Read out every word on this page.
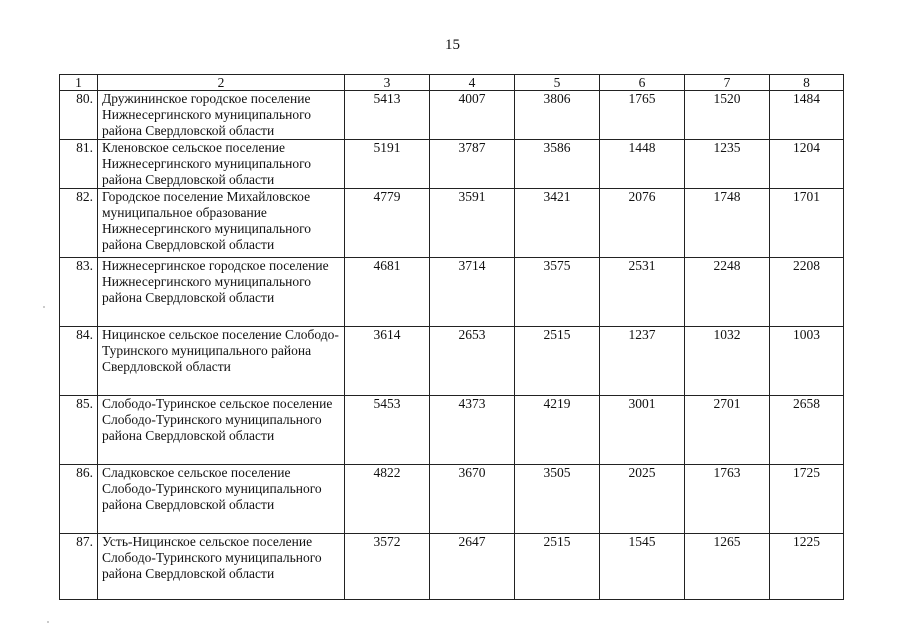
15
1	2	3	4	5	6	7	8
80.	Дружининское городское поселение Нижнесергинского муниципального района Свердловской области	5413	4007	3806	1765	1520	1484
81.	Кленовское сельское поселение Нижнесергинского муниципального района Свердловской области	5191	3787	3586	1448	1235	1204
82.	Городское поселение Михайловское муниципальное образование Нижнесергинского муниципального района Свердловской области	4779	3591	3421	2076	1748	1701
83.	Нижнесергинское городское поселение Нижнесергинского муниципального района Свердловской области	4681	3714	3575	2531	2248	2208
84.	Ницинское сельское поселение Слободо-Туринского муниципального района Свердловской области	3614	2653	2515	1237	1032	1003
85.	Слободо-Туринское сельское поселение Слободо-Туринского муниципального района Свердловской области	5453	4373	4219	3001	2701	2658
86.	Сладковское сельское поселение Слободо-Туринского муниципального района Свердловской области	4822	3670	3505	2025	1763	1725
87.	Усть-Ницинское сельское поселение Слободо-Туринского муниципального района Свердловской области	3572	2647	2515	1545	1265	1225
